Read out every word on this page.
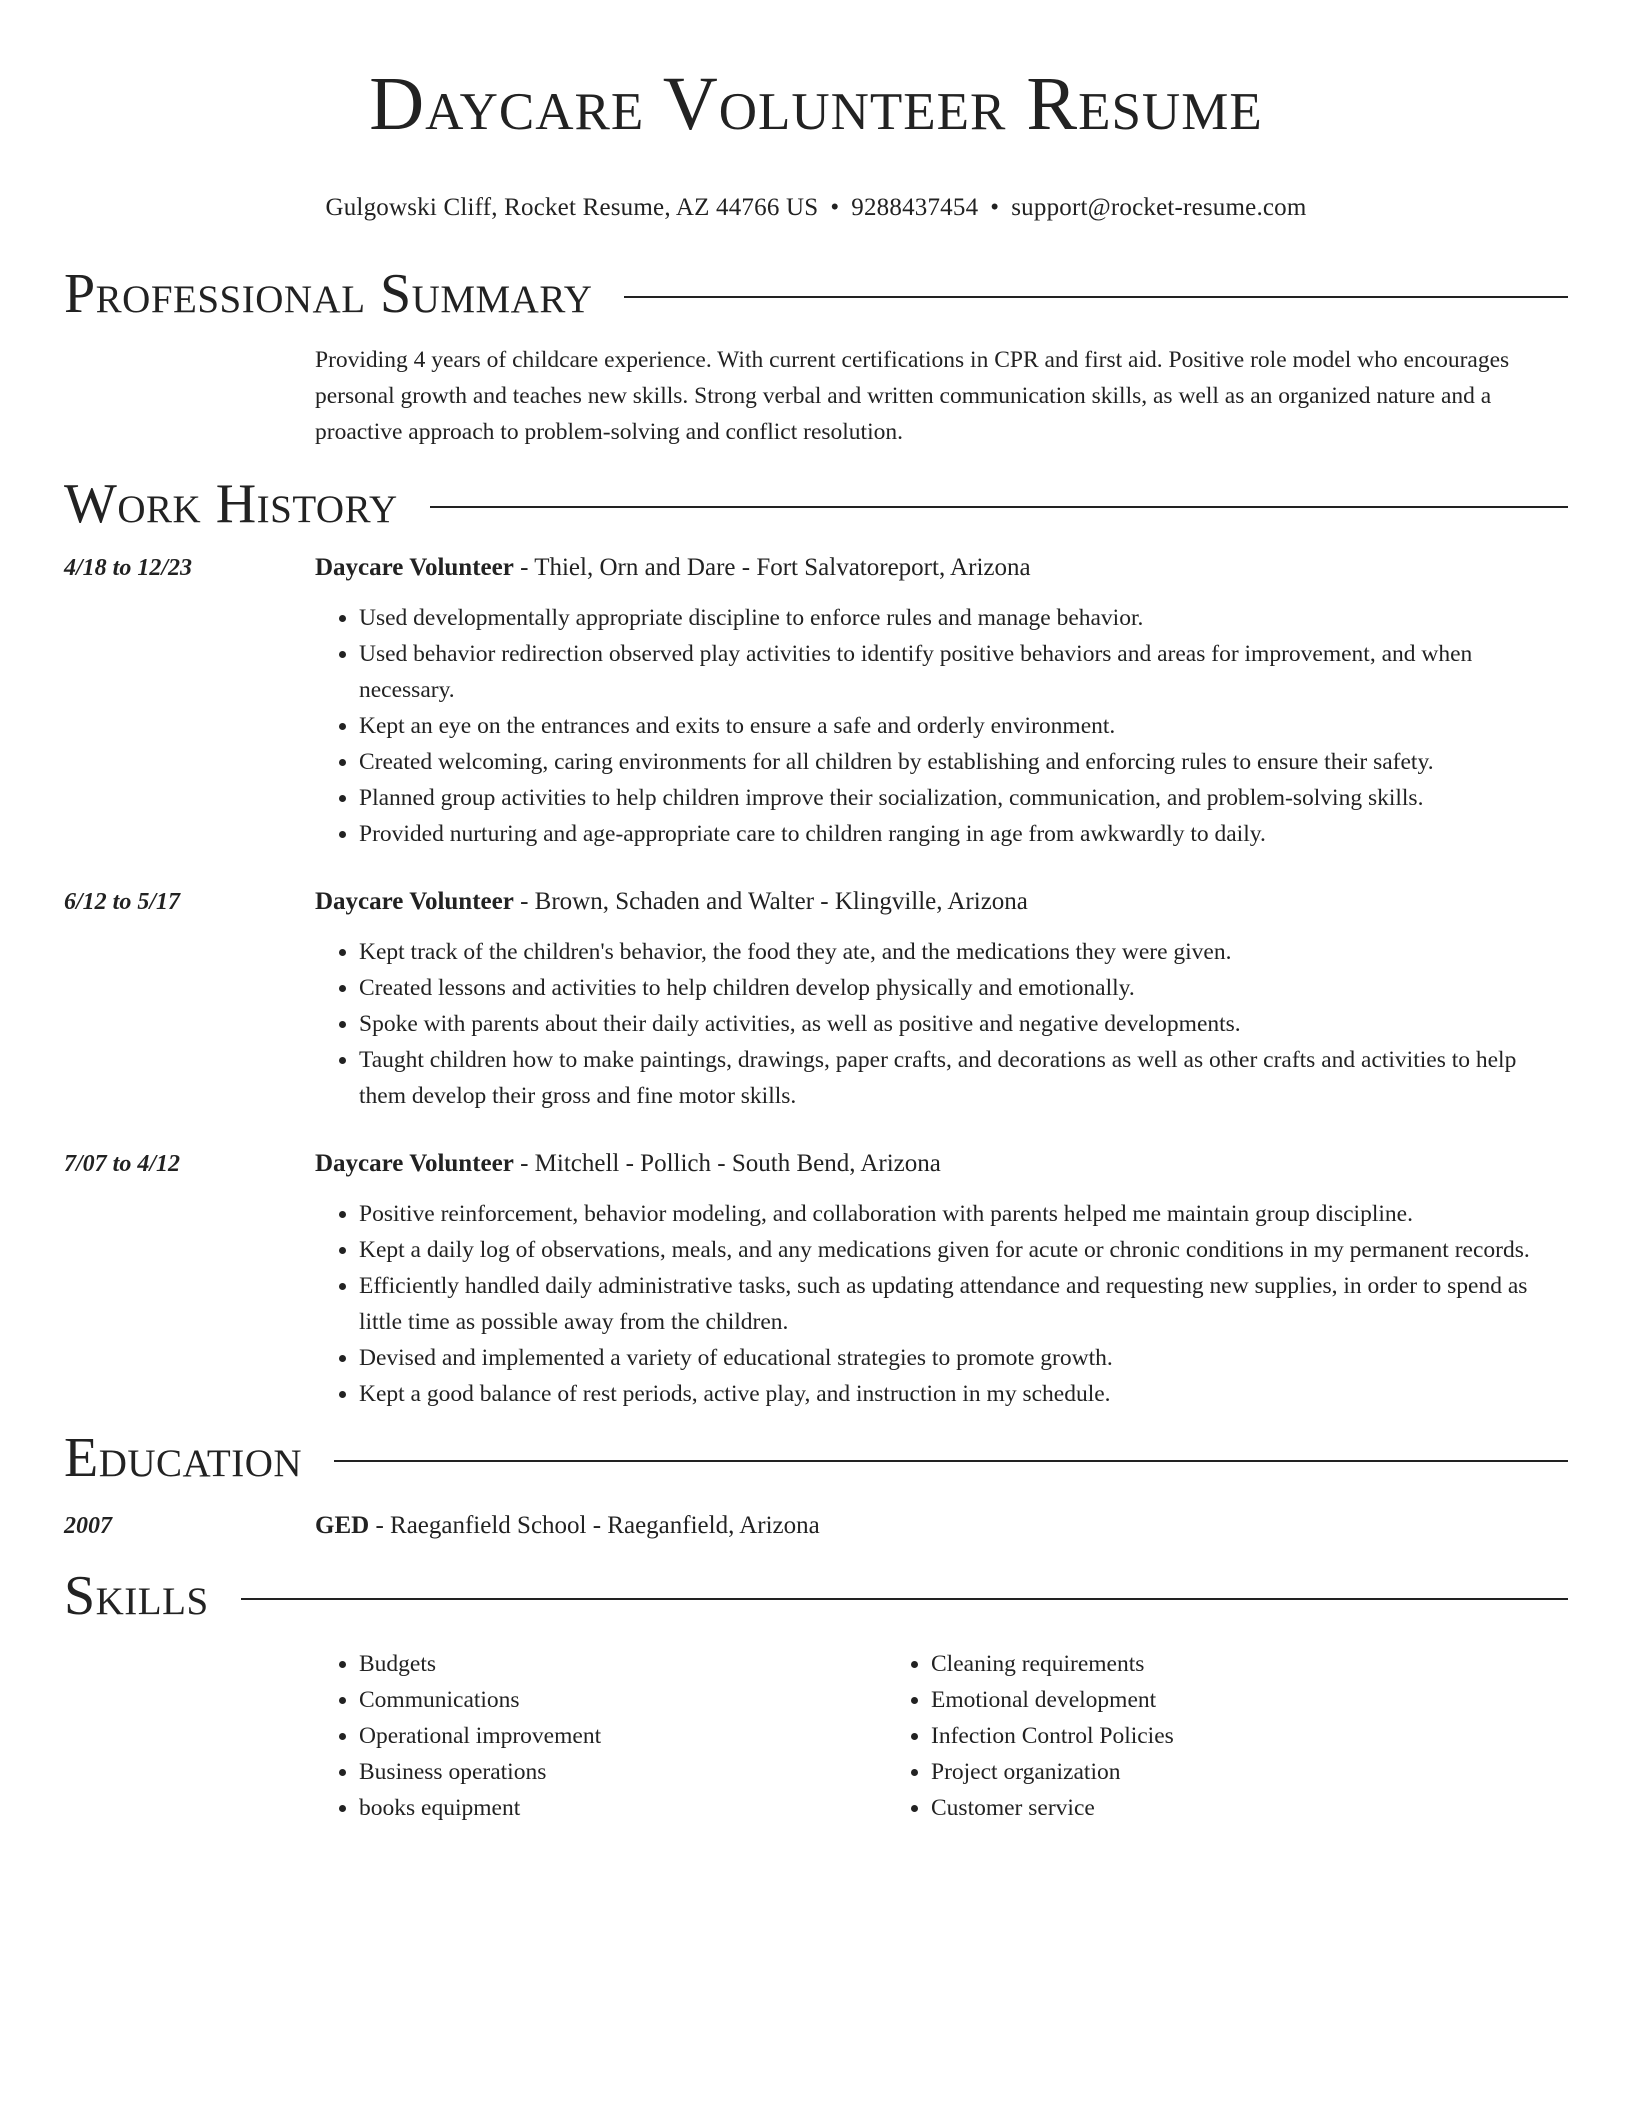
Daycare Volunteer Resume
Gulgowski Cliff, Rocket Resume, AZ 44766 US • 9288437454 • support@rocket-resume.com
Professional Summary
Providing 4 years of childcare experience. With current certifications in CPR and first aid. Positive role model who encourages personal growth and teaches new skills. Strong verbal and written communication skills, as well as an organized nature and a proactive approach to problem-solving and conflict resolution.
Work History
4/18 to 12/23	Daycare Volunteer - Thiel, Orn and Dare - Fort Salvatoreport, Arizona
• Used developmentally appropriate discipline to enforce rules and manage behavior.
• Used behavior redirection observed play activities to identify positive behaviors and areas for improvement, and when necessary.
• Kept an eye on the entrances and exits to ensure a safe and orderly environment.
• Created welcoming, caring environments for all children by establishing and enforcing rules to ensure their safety.
• Planned group activities to help children improve their socialization, communication, and problem-solving skills.
• Provided nurturing and age-appropriate care to children ranging in age from awkwardly to daily.
6/12 to 5/17	Daycare Volunteer - Brown, Schaden and Walter - Klingville, Arizona
• Kept track of the children's behavior, the food they ate, and the medications they were given.
• Created lessons and activities to help children develop physically and emotionally.
• Spoke with parents about their daily activities, as well as positive and negative developments.
• Taught children how to make paintings, drawings, paper crafts, and decorations as well as other crafts and activities to help them develop their gross and fine motor skills.
7/07 to 4/12	Daycare Volunteer - Mitchell - Pollich - South Bend, Arizona
• Positive reinforcement, behavior modeling, and collaboration with parents helped me maintain group discipline.
• Kept a daily log of observations, meals, and any medications given for acute or chronic conditions in my permanent records.
• Efficiently handled daily administrative tasks, such as updating attendance and requesting new supplies, in order to spend as little time as possible away from the children.
• Devised and implemented a variety of educational strategies to promote growth.
• Kept a good balance of rest periods, active play, and instruction in my schedule.
Education
2007	GED - Raeganfield School - Raeganfield, Arizona
Skills
• Budgets
• Communications
• Operational improvement
• Business operations
• books equipment
• Cleaning requirements
• Emotional development
• Infection Control Policies
• Project organization
• Customer service
